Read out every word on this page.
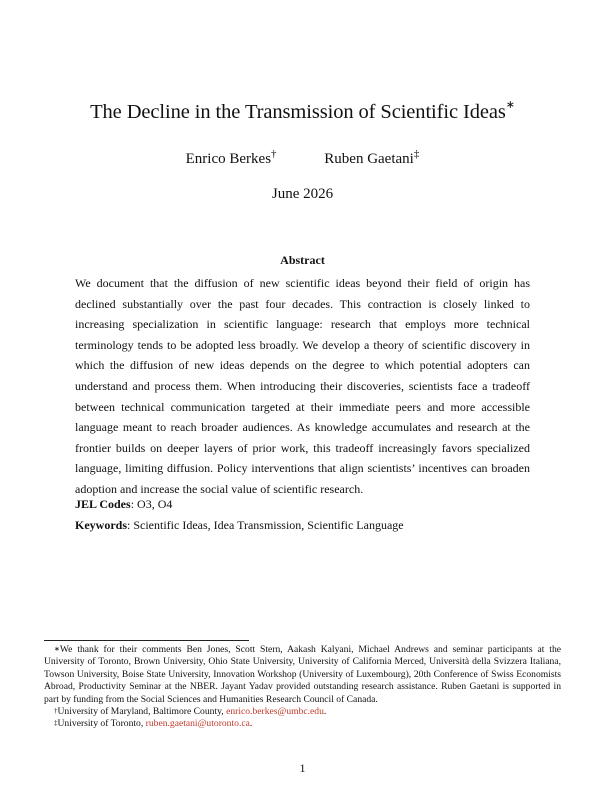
The Decline in the Transmission of Scientific Ideas∗
Enrico Berkes†	Ruben Gaetani‡
June 2026
Abstract
We document that the diffusion of new scientific ideas beyond their field of origin has declined substantially over the past four decades. This contraction is closely linked to increasing specialization in scientific language: research that employs more technical terminology tends to be adopted less broadly. We develop a theory of scientific discovery in which the diffusion of new ideas depends on the degree to which potential adopters can understand and process them. When introducing their discoveries, scientists face a tradeoff between technical communication targeted at their immediate peers and more accessible language meant to reach broader audiences. As knowledge accumulates and research at the frontier builds on deeper layers of prior work, this tradeoff increasingly favors specialized language, limiting diffusion. Policy interventions that align scientists’ incentives can broaden adoption and increase the social value of scientific research.
JEL Codes: O3, O4
Keywords: Scientific Ideas, Idea Transmission, Scientific Language

∗We thank for their comments Ben Jones, Scott Stern, Aakash Kalyani, Michael Andrews and seminar participants at the University of Toronto, Brown University, Ohio State University, University of California Merced, Università della Svizzera Italiana, Towson University, Boise State University, Innovation Workshop (University of Luxembourg), 20th Conference of Swiss Economists Abroad, Productivity Seminar at the NBER. Jayant Yadav provided outstanding research assistance. Ruben Gaetani is supported in part by funding from the Social Sciences and Humanities Research Council of Canada.

†University of Maryland, Baltimore County, enrico.berkes@umbc.edu.

‡University of Toronto, ruben.gaetani@utoronto.ca.

1
